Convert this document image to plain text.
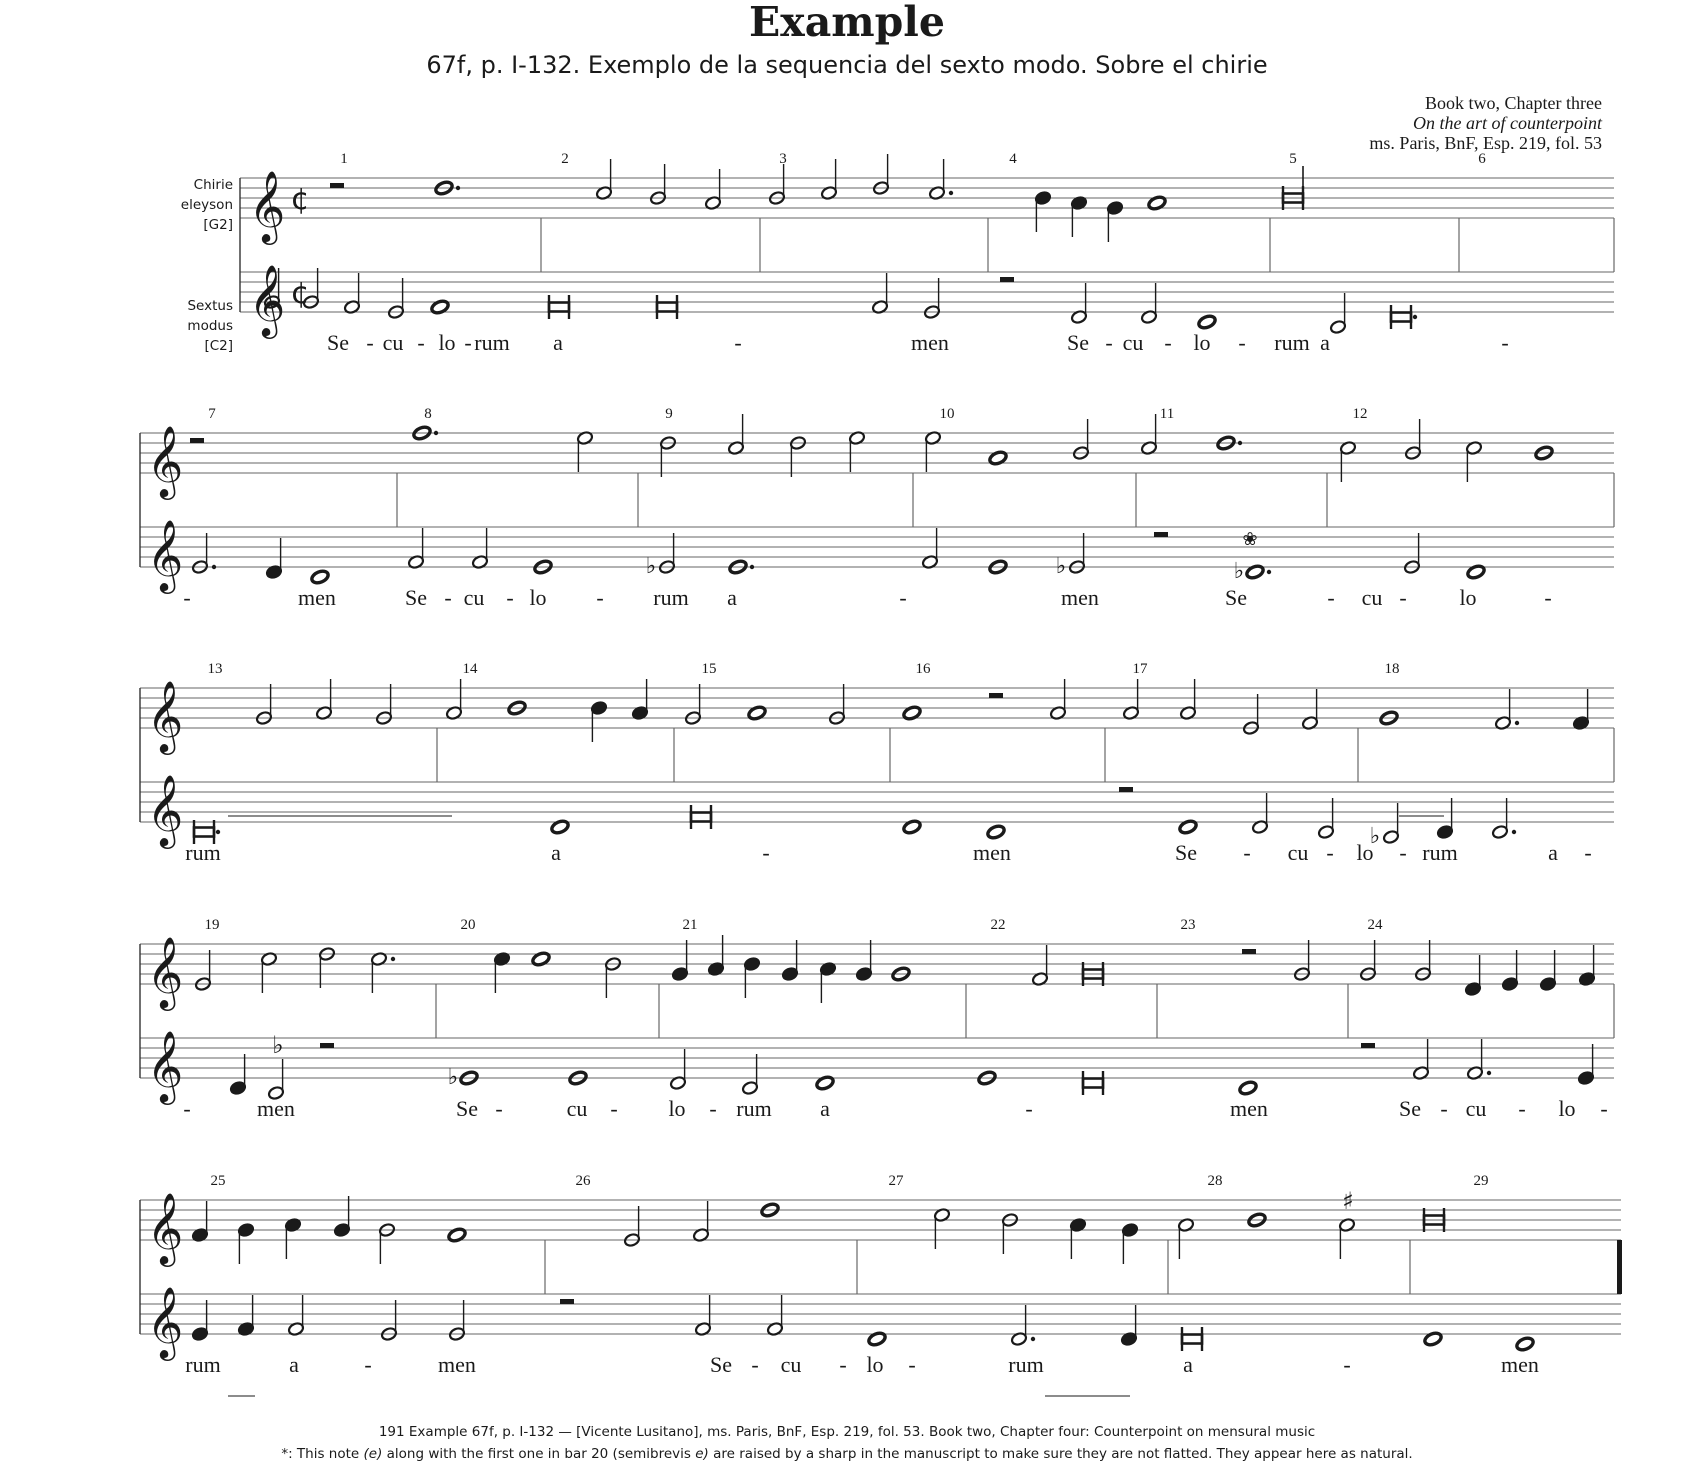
Example
67f, p. I-132. Exemplo de la sequencia del sexto modo. Sobre el chirie
Book two, Chapter three
On the art of counterpoint
ms. Paris, BnF, Esp. 219, fol. 53
Chirie
eleyson
[G2]
Sextus
modus
[C2]
𝄞
𝄞
¢
¢
1	2	3	4	5	6
Se - cu - lo - rum a	-	men	Se - cu - lo - rum a	-
𝄞
𝄞
7	8	9	10	11	12
-	men	Se - cu - lo - rum a	-	men	Se	- cu - lo	-
♭	♭	♭
𝄞
𝄞
13	14	15	16	17	18
rum	a	-	men	Se - cu - lo - rum	a -
♭
𝄞
𝄞
19	20	21	22	23	24
-	men	Se -	cu - lo - rum a	-	men	Se - cu - lo -
♭
𝄞
𝄞
25	26	27	28	29
rum	a	-	men	Se - cu - lo -	rum	a	-	men
❀
♭
♯
191 Example 67f, p. I-132 — [Vicente Lusitano], ms. Paris, BnF, Esp. 219, fol. 53. Book two, Chapter four: Counterpoint on mensural music
*: This note (e) along with the first one in bar 20 (semibrevis e) are raised by a sharp in the manuscript to make sure they are not flatted. They appear here as natural.
